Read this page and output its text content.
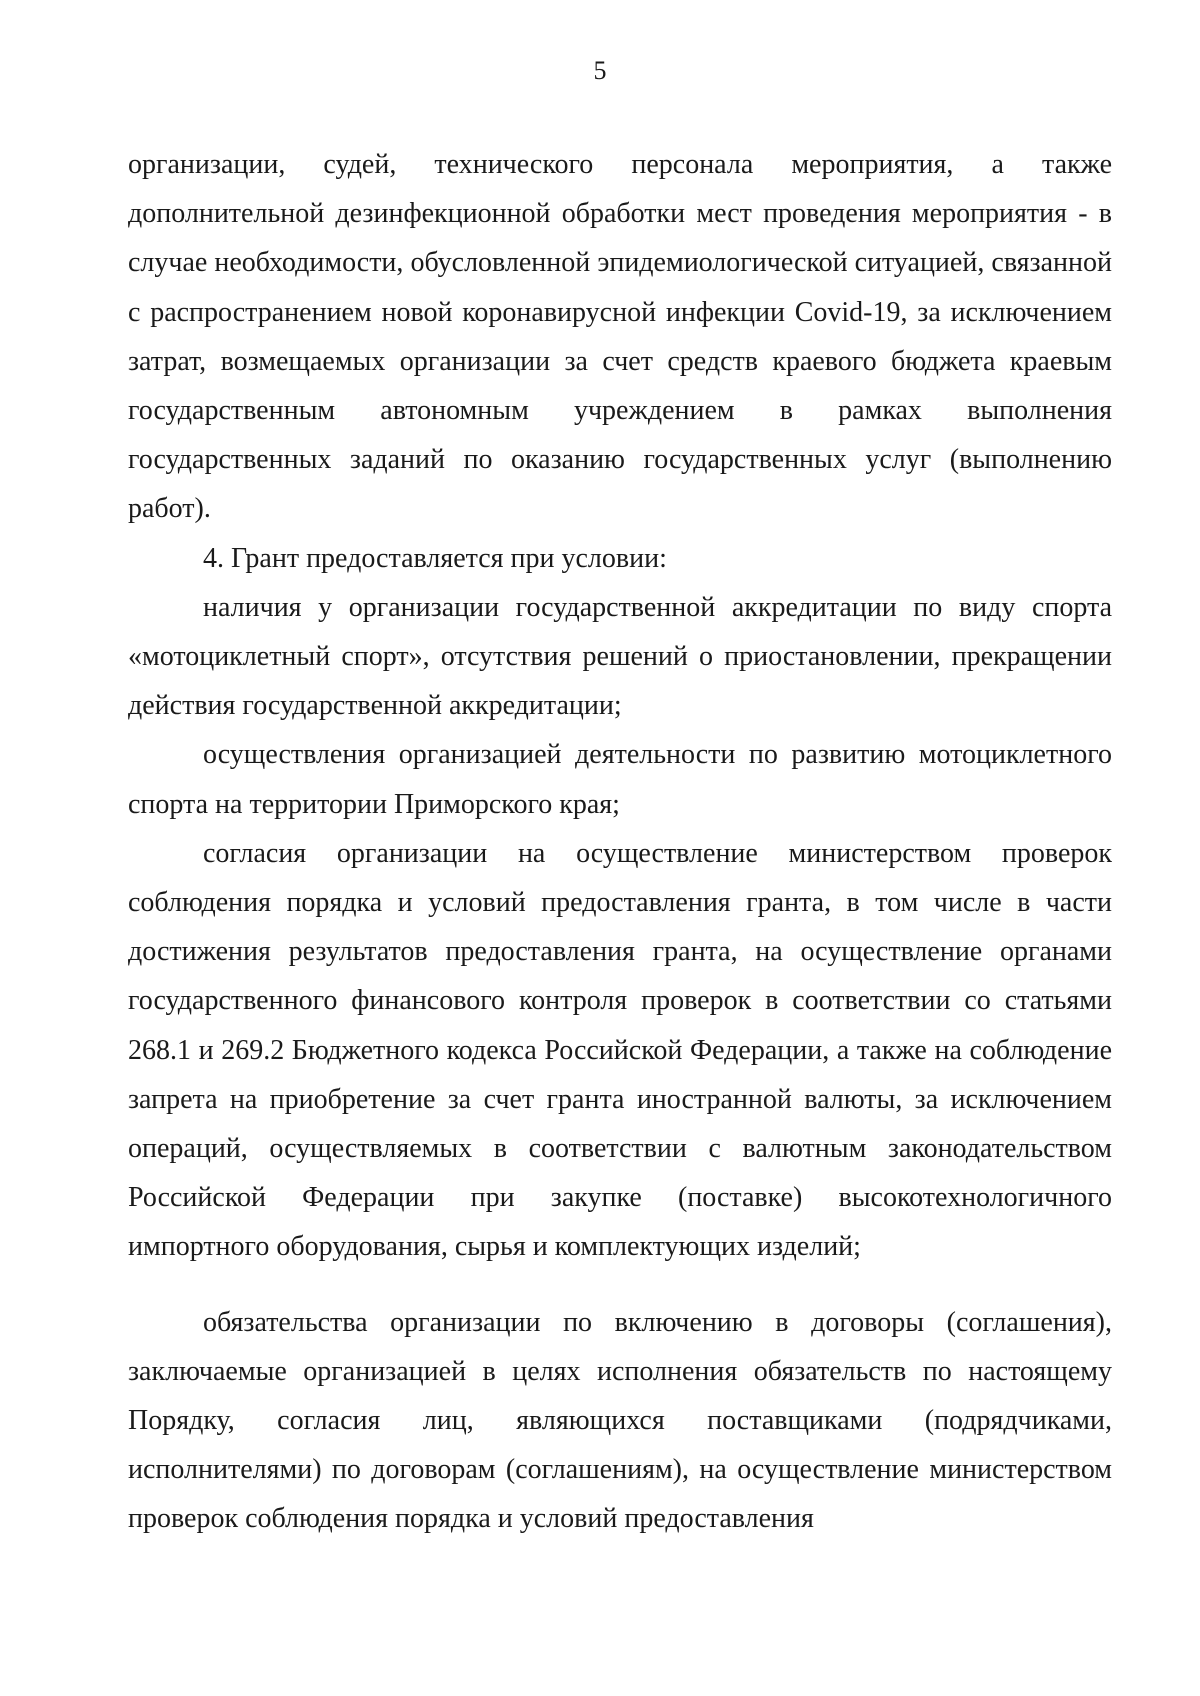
5

организации, судей, технического персонала мероприятия, а также дополнительной дезинфекционной обработки мест проведения мероприятия - в случае необходимости, обусловленной эпидемиологической ситуацией, связанной с распространением новой коронавирусной инфекции Covid-19, за исключением затрат, возмещаемых организации за счет средств краевого бюджета краевым государственным автономным учреждением в рамках выполнения государственных заданий по оказанию государственных услуг (выполнению работ).

4. Грант предоставляется при условии:

наличия у организации государственной аккредитации по виду спорта «мотоциклетный спорт», отсутствия решений о приостановлении, прекращении действия государственной аккредитации;

осуществления организацией деятельности по развитию мотоциклетного спорта на территории Приморского края;

согласия организации на осуществление министерством проверок соблюдения порядка и условий предоставления гранта, в том числе в части достижения результатов предоставления гранта, на осуществление органами государственного финансового контроля проверок в соответствии со статьями 268.1 и 269.2 Бюджетного кодекса Российской Федерации, а также на соблюдение запрета на приобретение за счет гранта иностранной валюты, за исключением операций, осуществляемых в соответствии с валютным законодательством Российской Федерации при закупке (поставке) высокотехнологичного импортного оборудования, сырья и комплектующих изделий;

обязательства организации по включению в договоры (соглашения), заключаемые организацией в целях исполнения обязательств по настоящему Порядку, согласия лиц, являющихся поставщиками (подрядчиками, исполнителями) по договорам (соглашениям), на осуществление министерством проверок соблюдения порядка и условий предоставления
